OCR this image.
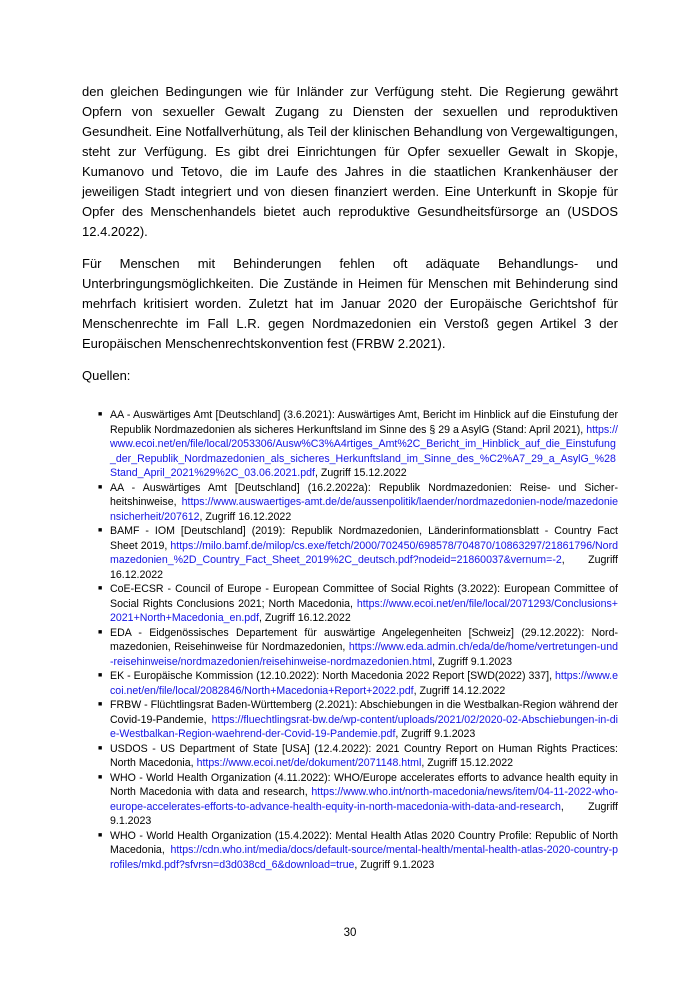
den gleichen Bedingungen wie für Inländer zur Verfügung steht. Die Regierung gewährt Opfern von sexueller Gewalt Zugang zu Diensten der sexuellen und reproduktiven Gesundheit. Eine Notfallverhütung, als Teil der klinischen Behandlung von Vergewaltigungen, steht zur Verfügung. Es gibt drei Einrichtungen für Opfer sexueller Gewalt in Skopje, Kumanovo und Tetovo, die im Laufe des Jahres in die staatlichen Krankenhäuser der jeweiligen Stadt integriert und von diesen finanziert werden. Eine Unterkunft in Skopje für Opfer des Menschenhandels bietet auch reproduktive Gesundheitsfürsorge an (USDOS 12.4.2022).

Für Menschen mit Behinderungen fehlen oft adäquate Behandlungs- und Unterbringungsmöglichkeiten. Die Zustände in Heimen für Menschen mit Behinderung sind mehrfach kritisiert worden. Zuletzt hat im Januar 2020 der Europäische Gerichtshof für Menschenrechte im Fall L.R. gegen Nordmazedonien ein Verstoß gegen Artikel 3 der Europäischen Menschenrechtskonvention fest (FRBW 2.2021).

Quellen:

■ AA - Auswärtiges Amt [Deutschland] (3.6.2021): Auswärtiges Amt, Bericht im Hinblick auf die Einstufung der Republik Nordmazedonien als sicheres Herkunftsland im Sinne des § 29 a AsylG (Stand: April 2021), https://www.ecoi.net/en/file/local/2053306/Ausw%C3%A4rtiges_Amt%2C_Bericht_im_Hinblick_auf_die_Einstufung_der_Republik_Nordmazedonien_als_sicheres_Herkunftsland_im_Sinne_des_%C2%A7_29_a_AsylG_%28Stand_April_2021%29%2C_03.06.2021.pdf, Zugriff 15.12.2022
■ AA - Auswärtiges Amt [Deutschland] (16.2.2022a): Republik Nordmazedonien: Reise- und Sicherheitshinweise, https://www.auswaertiges-amt.de/de/aussenpolitik/laender/nordmazedonien-node/mazedoniensicherheit/207612, Zugriff 16.12.2022
■ BAMF - IOM [Deutschland] (2019): Republik Nordmazedonien, Länderinformationsblatt - Country Fact Sheet 2019, https://milo.bamf.de/milop/cs.exe/fetch/2000/702450/698578/704870/10863297/21861796/Nordmazedonien_%2D_Country_Fact_Sheet_2019%2C_deutsch.pdf?nodeid=21860037&vernum=-2, Zugriff 16.12.2022
■ CoE-ECSR - Council of Europe - European Committee of Social Rights (3.2022): European Committee of Social Rights Conclusions 2021; North Macedonia, https://www.ecoi.net/en/file/local/2071293/Conclusions+2021+North+Macedonia_en.pdf, Zugriff 16.12.2022
■ EDA - Eidgenössisches Departement für auswärtige Angelegenheiten [Schweiz] (29.12.2022): Nordmazedonien, Reisehinweise für Nordmazedonien, https://www.eda.admin.ch/eda/de/home/vertretungen-und-reisehinweise/nordmazedonien/reisehinweise-nordmazedonien.html, Zugriff 9.1.2023
■ EK - Europäische Kommission (12.10.2022): North Macedonia 2022 Report [SWD(2022) 337], https://www.ecoi.net/en/file/local/2082846/North+Macedonia+Report+2022.pdf, Zugriff 14.12.2022
■ FRBW - Flüchtlingsrat Baden-Württemberg (2.2021): Abschiebungen in die Westbalkan-Region während der Covid-19-Pandemie, https://fluechtlingsrat-bw.de/wp-content/uploads/2021/02/2020-02-Abschiebungen-in-die-Westbalkan-Region-waehrend-der-Covid-19-Pandemie.pdf, Zugriff 9.1.2023
■ USDOS - US Department of State [USA] (12.4.2022): 2021 Country Report on Human Rights Practices: North Macedonia, https://www.ecoi.net/de/dokument/2071148.html, Zugriff 15.12.2022
■ WHO - World Health Organization (4.11.2022): WHO/Europe accelerates efforts to advance health equity in North Macedonia with data and research, https://www.who.int/north-macedonia/news/item/04-11-2022-who-europe-accelerates-efforts-to-advance-health-equity-in-north-macedonia-with-data-and-research, Zugriff 9.1.2023
■ WHO - World Health Organization (15.4.2022): Mental Health Atlas 2020 Country Profile: Republic of North Macedonia, https://cdn.who.int/media/docs/default-source/mental-health/mental-health-atlas-2020-country-profiles/mkd.pdf?sfvrsn=d3d038cd_6&download=true, Zugriff 9.1.2023
30
